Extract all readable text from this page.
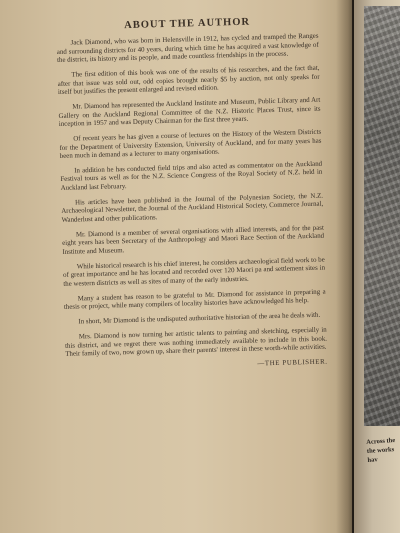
ABOUT THE AUTHOR

Jack Diamond, who was born in Helensville in 1912, has cycled and tramped the Ranges and surrounding districts for 40 years, during which time he has acquired a vast knowledge of the district, its history and its people, and made countless friendships in the process.

The first edition of this book was one of the results of his researches, and the fact that, after that issue was sold out, odd copies brought nearly $5 by auction, not only speaks for itself but justifies the present enlarged and revised edition.

Mr. Diamond has represented the Auckland Institute and Museum, Public Library and Art Gallery on the Auckland Regional Committee of the N.Z. Historic Places Trust, since its inception in 1957 and was Deputy Chairman for the first three years.

Of recent years he has given a course of lectures on the History of the Western Districts for the Department of University Extension, University of Auckland, and for many years has been much in demand as a lecturer to many organisations.

In addition he has conducted field trips and also acted as commentator on the Auckland Festival tours as well as for the N.Z. Science Congress of the Royal Society of N.Z. held in Auckland last February.

His articles have been published in the Journal of the Polynesian Society, the N.Z. Archaeological Newsletter, the Journal of the Auckland Historical Society, Commerce Journal, Wanderlust and other publications.

Mr. Diamond is a member of several organisations with allied interests, and for the past eight years has been Secretary of the Anthropology and Maori Race Section of the Auckland Institute and Museum.

While historical research is his chief interest, he considers archaeological field work to be of great importance and he has located and recorded over 120 Maori pa and settlement sites in the western districts as well as sites of many of the early industries.

Many a student has reason to be grateful to Mr. Diamond for assistance in preparing a thesis or project, while many compilers of locality histories have acknowledged his help.

In short, Mr Diamond is the undisputed authoritative historian of the area he deals with.

Mrs. Diamond is now turning her artistic talents to painting and sketching, especially in this district, and we regret there was nothing immediately available to include in this book. Their family of two, now grown up, share their parents' interest in these worth-while activities.

—THE PUBLISHER.
Across the
the works
hav
